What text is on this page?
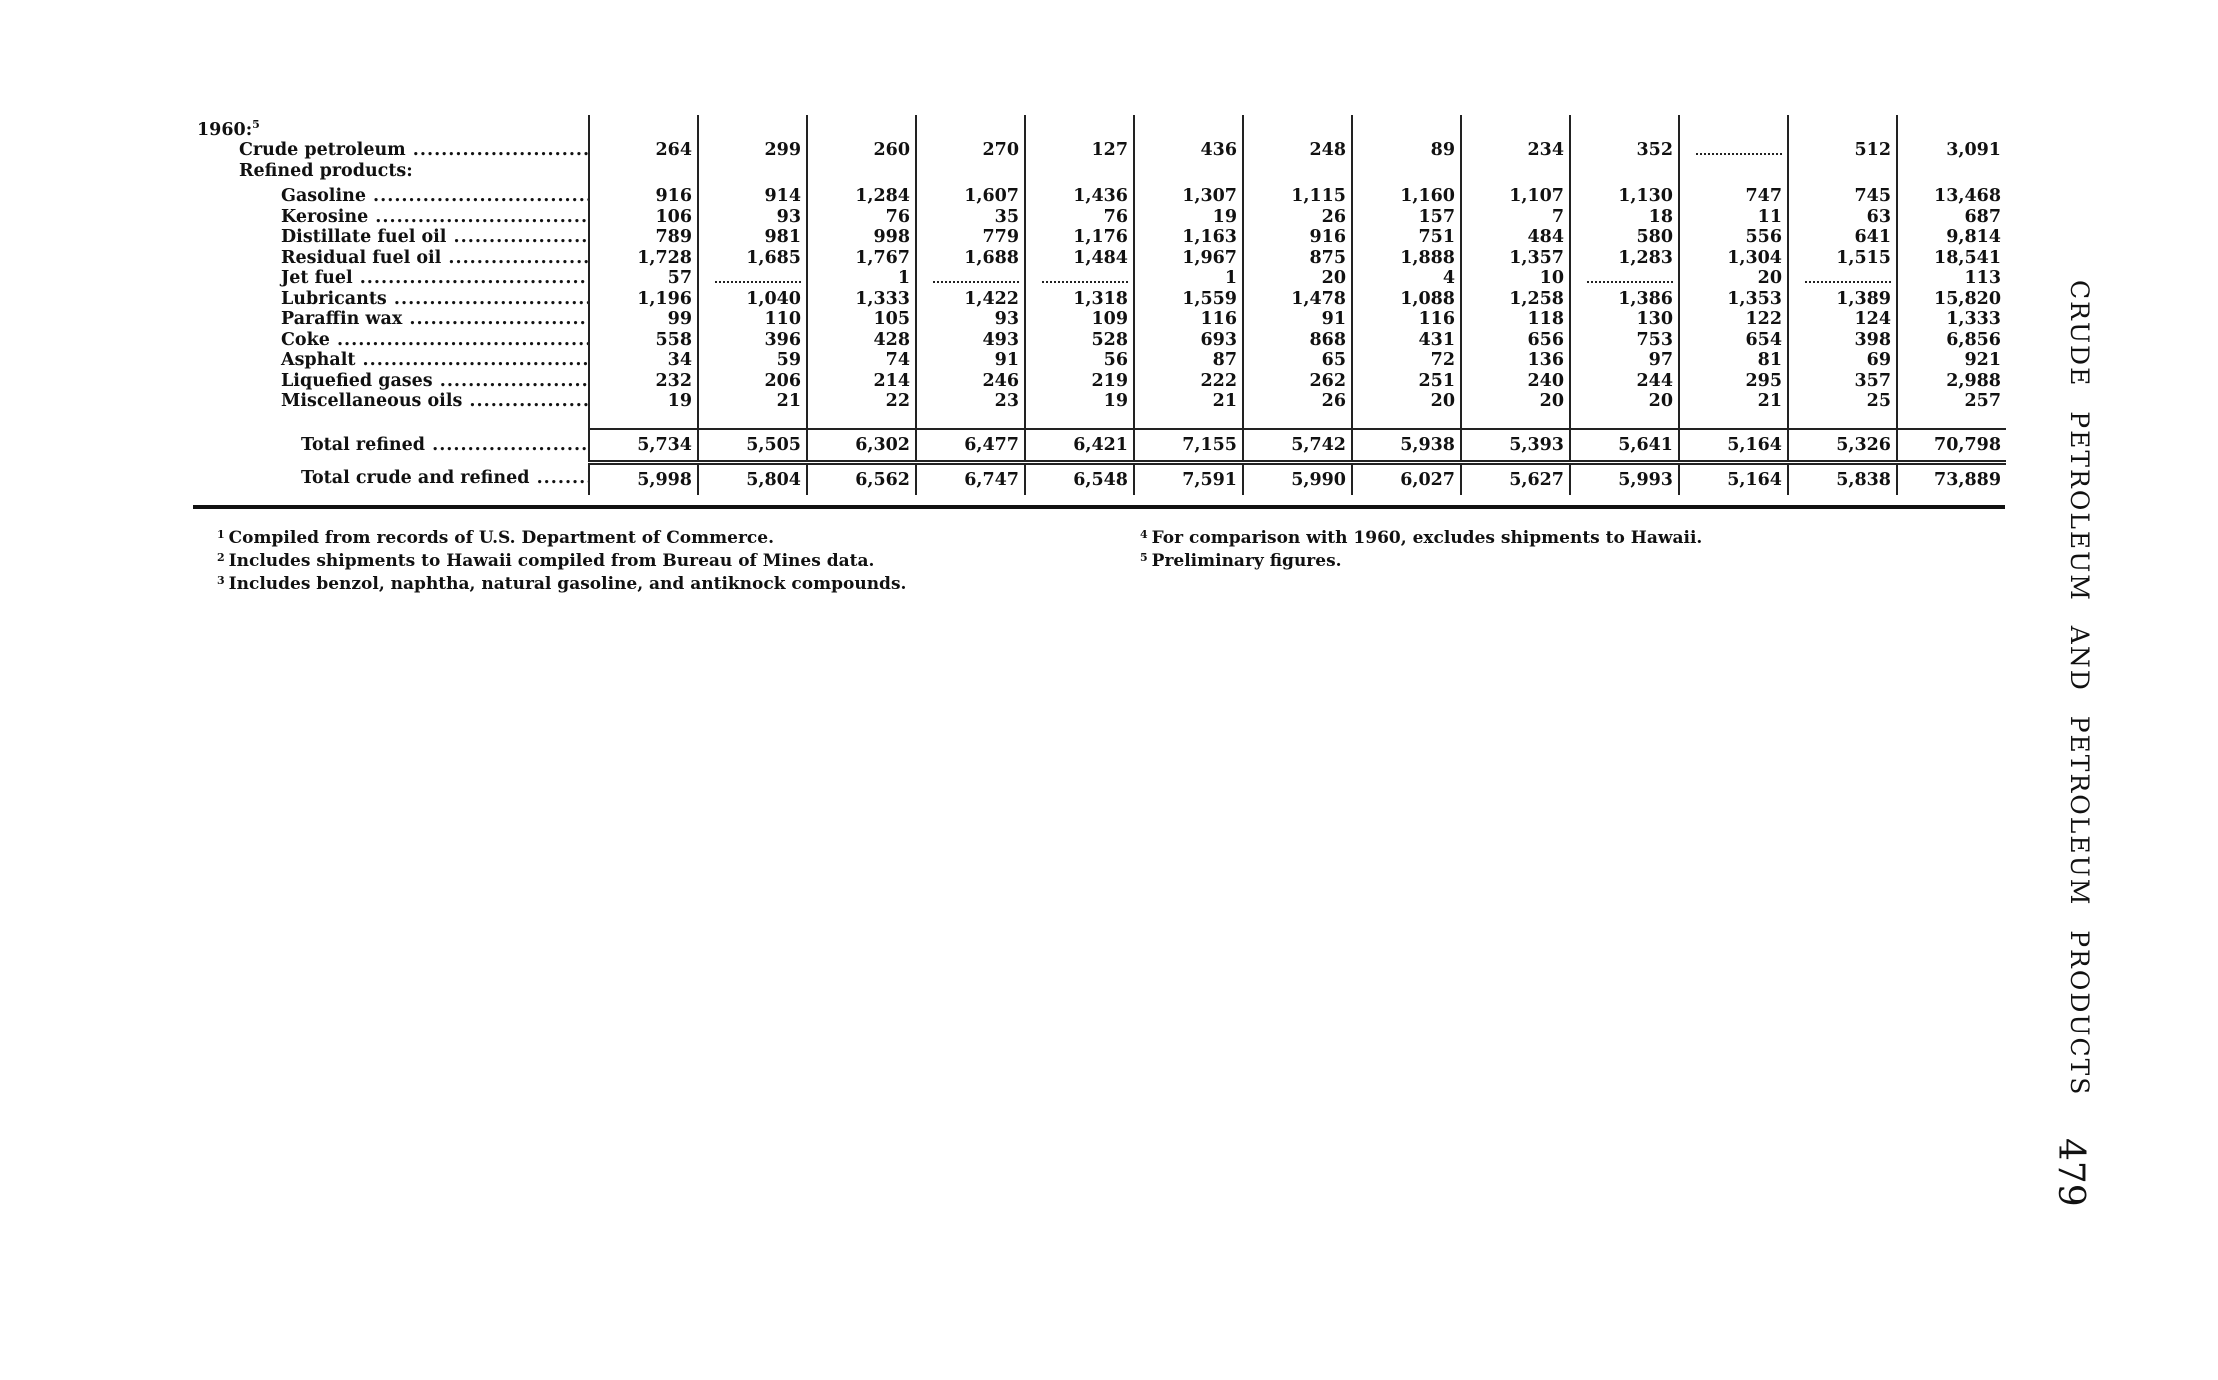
1960:$^5$													
Crude petroleum .....	264	299	260	270	127	436	248	89	234	352		512	3,091
Refined products:													
Gasoline .....	916	914	1,284	1,607	1,436	1,307	1,115	1,160	1,107	1,130	747	745	13,468
Kerosine .....	106	93	76	35	76	19	26	157	7	18	11	63	687
Distillate fuel oil .....	789	981	998	779	1,176	1,163	916	751	484	580	556	641	9,814
Residual fuel oil .....	1,728	1,685	1,767	1,688	1,484	1,967	875	1,888	1,357	1,283	1,304	1,515	18,541
Jet fuel .....	57		1			1	20	4	10		20		113
Lubricants .....	1,196	1,040	1,333	1,422	1,318	1,559	1,478	1,088	1,258	1,386	1,353	1,389	15,820
Paraffin wax .....	99	110	105	93	109	116	91	116	118	130	122	124	1,333
Coke .....	558	396	428	493	528	693	868	431	656	753	654	398	6,856
Asphalt .....	34	59	74	91	56	87	65	72	136	97	81	69	921
Liquefied gases .....	232	206	214	246	219	222	262	251	240	244	295	357	2,988
Miscellaneous oils .....	19	21	22	23	19	21	26	20	20	20	21	25	257

Total refined .....	5,734	5,505	6,302	6,477	6,421	7,155	5,742	5,938	5,393	5,641	5,164	5,326	70,798
Total crude and refined .....	5,998	5,804	6,562	6,747	6,548	7,591	5,990	6,027	5,627	5,993	5,164	5,838	73,889
$^1$ Compiled from records of U.S. Department of Commerce.
$^2$ Includes shipments to Hawaii compiled from Bureau of Mines data.
$^3$ Includes benzol, naphtha, natural gasoline, and antiknock compounds.
$^4$ For comparison with 1960, excludes shipments to Hawaii.
$^5$ Preliminary figures.	CRUDE PETROLEUM AND PETROLEUM PRODUCTS
479
